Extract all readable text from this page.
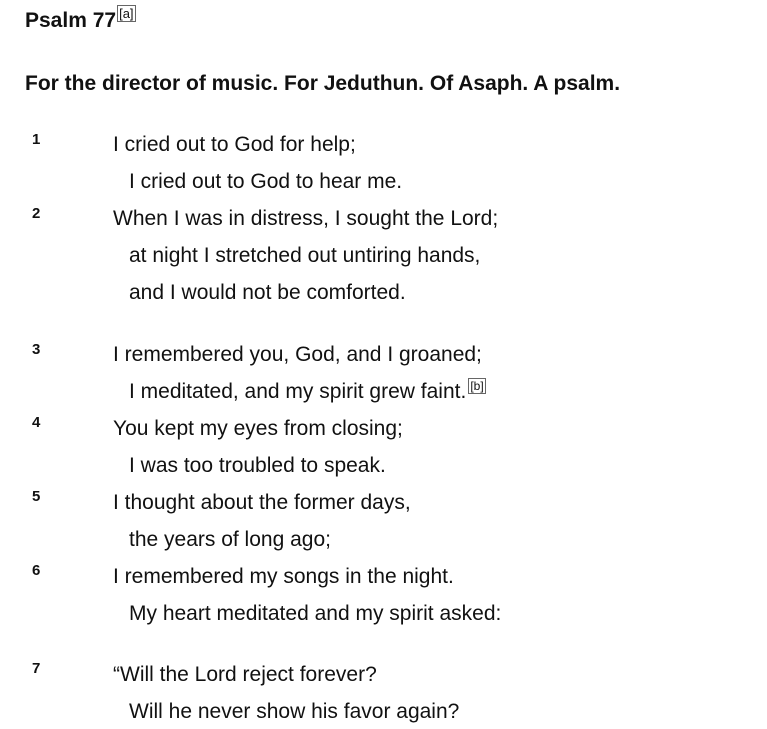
Psalm 77 [a]
For the director of music. For Jeduthun. Of Asaph. A psalm.
1	I cried out to God for help;
I cried out to God to hear me.
2	When I was in distress, I sought the Lord;
at night I stretched out untiring hands,
and I would not be comforted.
3	I remembered you, God, and I groaned;
I meditated, and my spirit grew faint. [b]
4	You kept my eyes from closing;
I was too troubled to speak.
5	I thought about the former days,
the years of long ago;
6	I remembered my songs in the night.
My heart meditated and my spirit asked:
7	“Will the Lord reject forever?
Will he never show his favor again?
